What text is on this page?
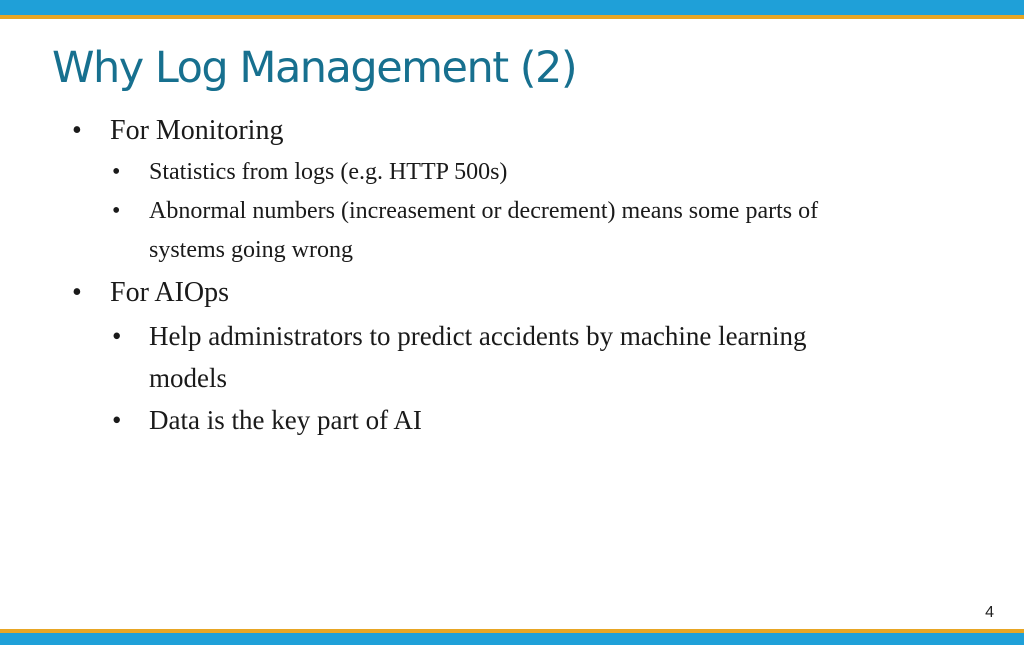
Why Log Management (2)
• For Monitoring
• Statistics from logs (e.g. HTTP 500s)
• Abnormal numbers (increasement or decrement) means some parts of
systems going wrong
• For AIOps
• Help administrators to predict accidents by machine learning
models
• Data is the key part of AI
4
